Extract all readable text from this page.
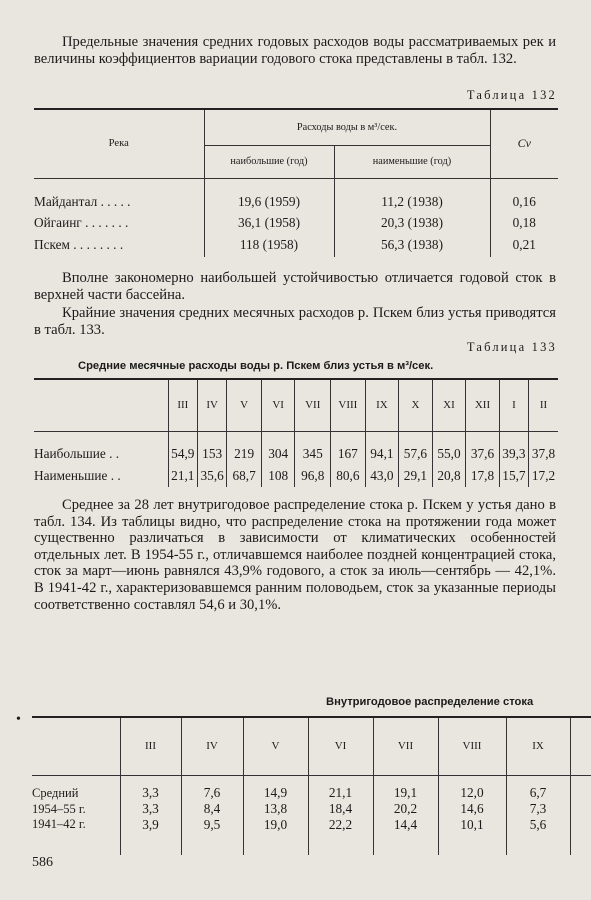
Предельные значения средних годовых расходов воды рассматриваемых рек и величины коэффициентов вариации годового стока представлены в табл. 132.

Таблица 132
Река	Расходы воды в м³/сек.		Cv
	наибольшие (год)	наименьшие (год)	

Майдантал . . . . .	19,6 (1959)	11,2 (1938)	0,16
Ойгаинг . . . . . . .	36,1 (1958)	20,3 (1938)	0,18
Пскем . . . . . . . .	118 (1958)	56,3 (1938)	0,21

Вполне закономерно наибольшей устойчивостью отличается годовой сток в верхней части бассейна.

Крайние значения средних месячных расходов р. Пскем близ устья приводятся в табл. 133.

Таблица 133
Средние месячные расходы воды р. Пскем близ устья в м³/сек.
	III	IV	V	VI	VII	VIII	IX	X	XI	XII	I	II

Наибольшие . .	54,9	153	219	304	345	167	94,1	57,6	55,0	37,6	39,3	37,8
Наименьшие . .	21,1	35,6	68,7	108	96,8	80,6	43,0	29,1	20,8	17,8	15,7	17,2

Среднее за 28 лет внутригодовое распределение стока р. Пскем у устья дано в табл. 134. Из таблицы видно, что распределение стока на протяжении года может существенно различаться в зависимости от климатических особенностей отдельных лет. В 1954-55 г., отличавшемся наиболее поздней концентрацией стока, сток за март—июнь равнялся 43,9% годового, а сток за июль—сентябрь — 42,1%. В 1941-42 г., характеризовавшемся ранним половодьем, сток за указанные периоды соответственно составлял 54,6 и 30,1%.

Внутригодовое распределение стока
•
	III	IV	V	VI	VII	VIII	IX	

Средний	3,3	7,6	14,9	21,1	19,1	12,0	6,7	
1954–55 г.	3,3	8,4	13,8	18,4	20,2	14,6	7,3	
1941–42 г.	3,9	9,5	19,0	22,2	14,4	10,1	5,6	

586
